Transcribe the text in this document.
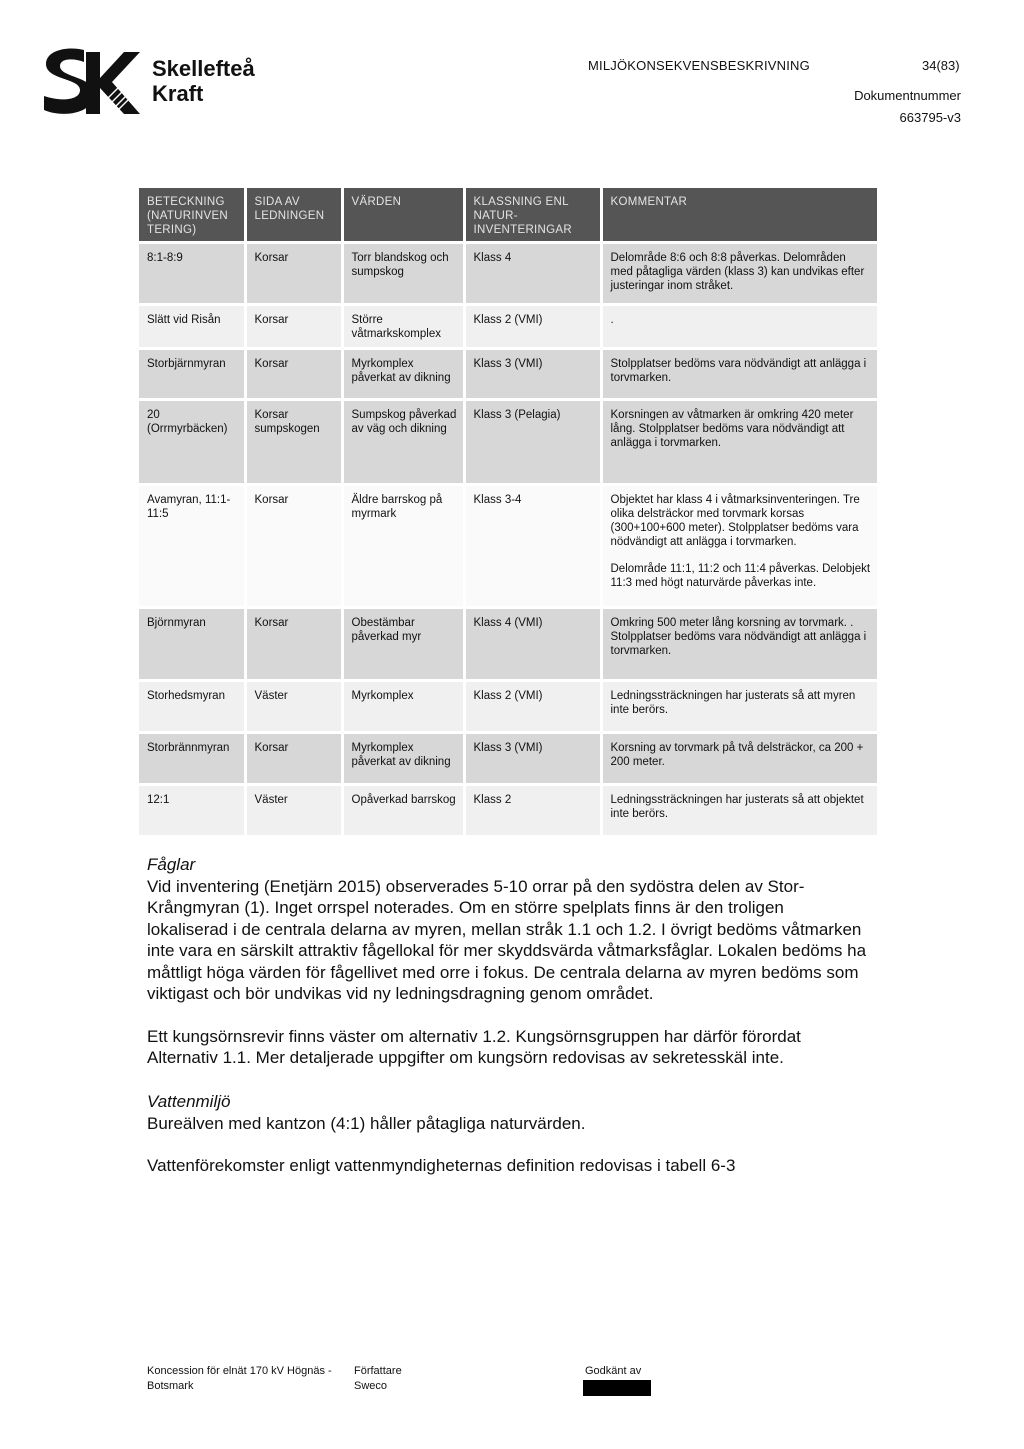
Skellefteå
Kraft
MILJÖKONSEKVENSBESKRIVNING	34(83)
Dokumentnummer
663795-v3
BETECKNING (NATURINVEN TERING)	SIDA AV LEDNINGEN	VÄRDEN	KLASSNING ENL NATUR-INVENTERINGAR	KOMMENTAR
8:1-8:9	Korsar	Torr blandskog och sumpskog	Klass 4	Delområde 8:6 och 8:8 påverkas. Delområden med påtagliga värden (klass 3) kan undvikas efter justeringar inom stråket.
Slätt vid Risån	Korsar	Större våtmarkskomplex	Klass 2 (VMI)	.
Storbjärnmyran	Korsar	Myrkomplex påverkat av dikning	Klass 3 (VMI)	Stolpplatser bedöms vara nödvändigt att anlägga i torvmarken.
20 (Orrmyrbäcken)	Korsar sumpskogen	Sumpskog påverkad av väg och dikning	Klass 3 (Pelagia)	Korsningen av våtmarken är omkring 420 meter lång. Stolpplatser bedöms vara nödvändigt att anlägga i torvmarken.
Avamyran, 11:1-11:5	Korsar	Äldre barrskog på myrmark	Klass 3-4	Objektet har klass 4 i våtmarksinventeringen. Tre olika delsträckor med torvmark korsas (300+100+600 meter). Stolpplatser bedöms vara nödvändigt att anlägga i torvmarken.
Delområde 11:1, 11:2 och 11:4 påverkas. Delobjekt 11:3 med högt naturvärde påverkas inte.

Björnmyran	Korsar	Obestämbar påverkad myr	Klass 4 (VMI)	Omkring 500 meter lång korsning av torvmark. . Stolpplatser bedöms vara nödvändigt att anlägga i torvmarken.
Storhedsmyran	Väster	Myrkomplex	Klass 2 (VMI)	Ledningssträckningen har justerats så att myren inte berörs.
Storbrännmyran	Korsar	Myrkomplex påverkat av dikning	Klass 3 (VMI)	Korsning av torvmark på två delsträckor, ca 200 + 200 meter.
12:1	Väster	Opåverkad barrskog	Klass 2	Ledningssträckningen har justerats så att objektet inte berörs.

Fåglar

Vid inventering (Enetjärn 2015) observerades 5-10 orrar på den sydöstra delen av Stor-Krångmyran (1). Inget orrspel noterades. Om en större spelplats finns är den troligen lokaliserad i de centrala delarna av myren, mellan stråk 1.1 och 1.2. I övrigt bedöms våtmarken inte vara en särskilt attraktiv fågellokal för mer skyddsvärda våtmarksfåglar. Lokalen bedöms ha måttligt höga värden för fågellivet med orre i fokus. De centrala delarna av myren bedöms som viktigast och bör undvikas vid ny ledningsdragning genom området.

Ett kungsörnsrevir finns väster om alternativ 1.2. Kungsörnsgruppen har därför förordat Alternativ 1.1. Mer detaljerade uppgifter om kungsörn redovisas av sekretesskäl inte.

Vattenmiljö

Bureälven med kantzon (4:1) håller påtagliga naturvärden.

Vattenförekomster enligt vattenmyndigheternas definition redovisas i tabell 6-3

Koncession för elnät 170 kV Högnäs -
Botsmark
Författare
Sweco
Godkänt av
